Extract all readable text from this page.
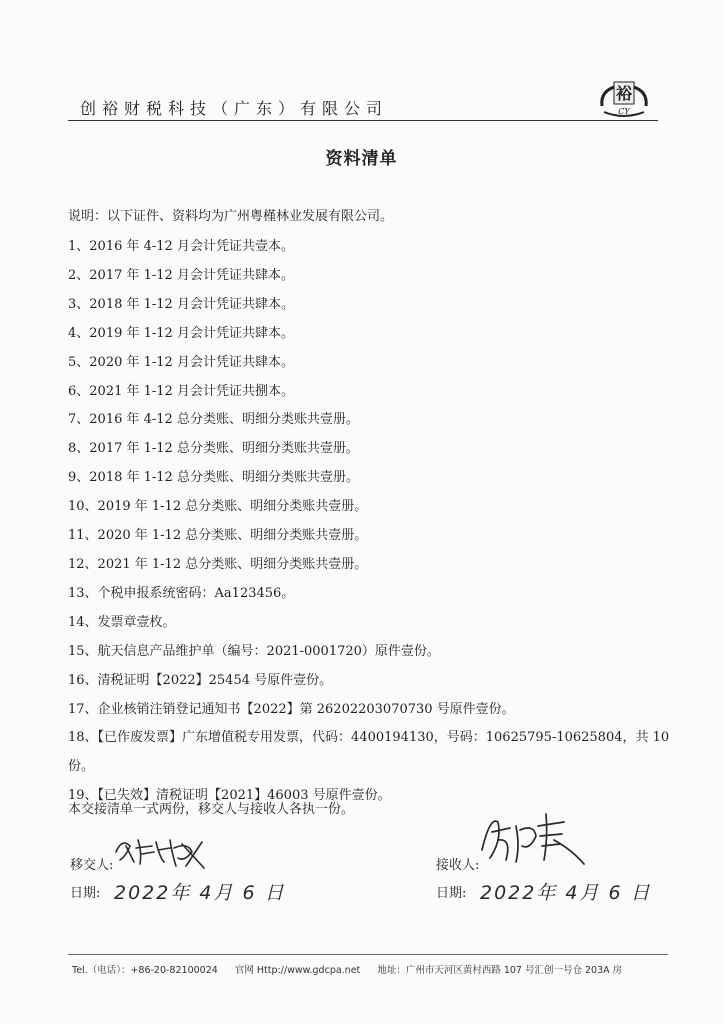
创裕财税科技（广东）有限公司
裕
CY
资料清单
说明：以下证件、资料均为广州粤槿林业发展有限公司。
1、2016 年 4-12 月会计凭证共壹本。
2、2017 年 1-12 月会计凭证共肆本。
3、2018 年 1-12 月会计凭证共肆本。
4、2019 年 1-12 月会计凭证共肆本。
5、2020 年 1-12 月会计凭证共肆本。
6、2021 年 1-12 月会计凭证共捌本。
7、2016 年 4-12 总分类账、明细分类账共壹册。
8、2017 年 1-12 总分类账、明细分类账共壹册。
9、2018 年 1-12 总分类账、明细分类账共壹册。
10、2019 年 1-12 总分类账、明细分类账共壹册。
11、2020 年 1-12 总分类账、明细分类账共壹册。
12、2021 年 1-12 总分类账、明细分类账共壹册。
13、个税申报系统密码：Aa123456。
14、发票章壹枚。
15、航天信息产品维护单（编号：2021-0001720）原件壹份。
16、清税证明【2022】25454 号原件壹份。
17、企业核销注销登记通知书【2022】第 26202203070730 号原件壹份。
18、【已作废发票】广东增值税专用发票，代码：4400194130，号码：10625795-10625804，共 10 份。
19、【已失效】清税证明【2021】46003 号原件壹份。
本交接清单一式两份，移交人与接收人各执一份。
移交人:
日期: 2022年 4月 6 日
接收人:
日期: 2022年 4月 6 日
Tel.（电话）：+86-20-82100024 官网 Http://www.gdcpa.net 地址：广州市天河区黄村西路 107 号汇创一号仓 203A 房
